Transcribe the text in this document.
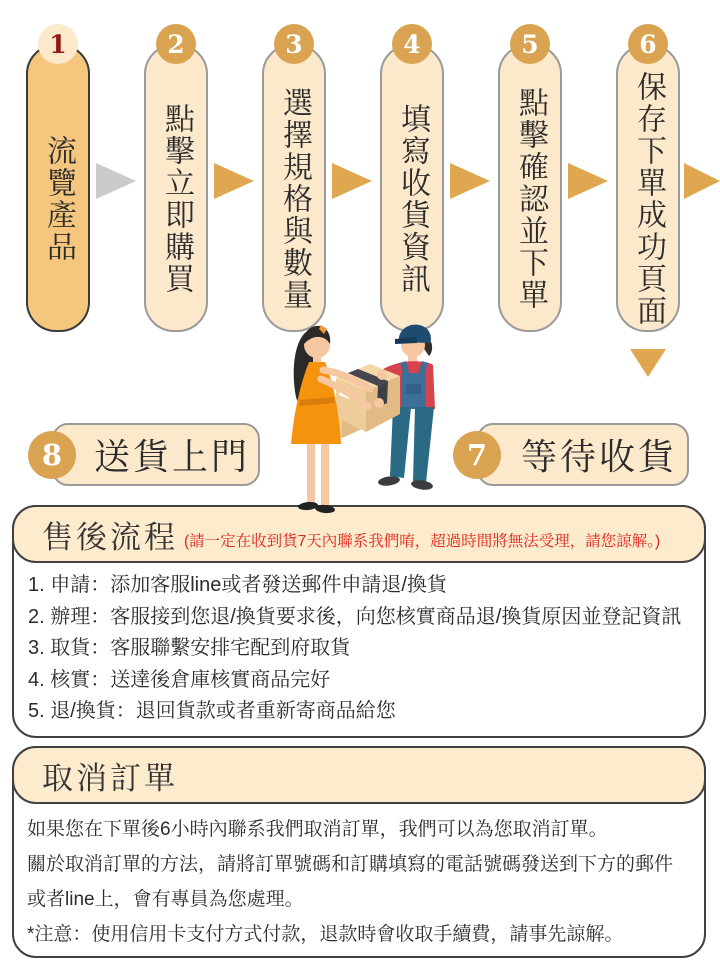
1
流覽產品
2
點擊立即購買
3
選擇規格與數量
4
填寫收貨資訊
5
點擊確認並下單
6
保存下單成功頁面
送貨上門
8	等待收貨
7
售後流程 (請一定在收到貨7天內聯系我們唷，超過時間將無法受理，請您諒解。)
1. 申請：添加客服line或者發送郵件申請退/換貨
2. 辦理：客服接到您退/換貨要求後，向您核實商品退/換貨原因並登記資訊
3. 取貨：客服聯繫安排宅配到府取貨
4. 核實：送達後倉庫核實商品完好
5. 退/換貨：退回貨款或者重新寄商品給您
取消訂單

如果您在下單後6小時內聯系我們取消訂單，我們可以為您取消訂單。

關於取消訂單的方法，請將訂單號碼和訂購填寫的電話號碼發送到下方的郵件

或者line上，會有專員為您處理。

*注意：使用信用卡支付方式付款，退款時會收取手續費，請事先諒解。
